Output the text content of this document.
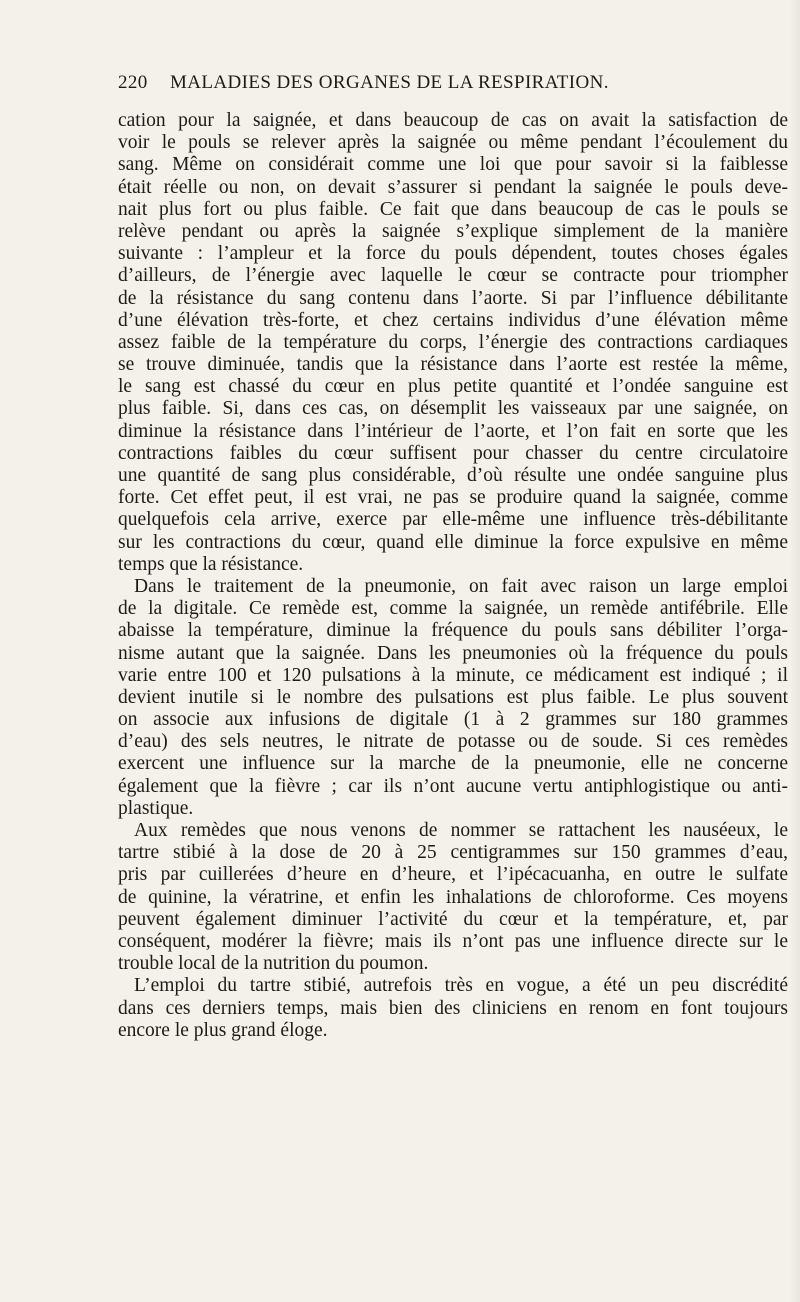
220 MALADIES DES ORGANES DE LA RESPIRATION.
cation pour la saignée, et dans beaucoup de cas on avait la satisfaction de
voir le pouls se relever après la saignée ou même pendant l’écoulement du
sang. Même on considérait comme une loi que pour savoir si la faiblesse
était réelle ou non, on devait s’assurer si pendant la saignée le pouls deve-
nait plus fort ou plus faible. Ce fait que dans beaucoup de cas le pouls se
relève pendant ou après la saignée s’explique simplement de la manière
suivante : l’ampleur et la force du pouls dépendent, toutes choses égales
d’ailleurs, de l’énergie avec laquelle le cœur se contracte pour triompher
de la résistance du sang contenu dans l’aorte. Si par l’influence débilitante
d’une élévation très-forte, et chez certains individus d’une élévation même
assez faible de la température du corps, l’énergie des contractions cardiaques
se trouve diminuée, tandis que la résistance dans l’aorte est restée la même,
le sang est chassé du cœur en plus petite quantité et l’ondée sanguine est
plus faible. Si, dans ces cas, on désemplit les vaisseaux par une saignée, on
diminue la résistance dans l’intérieur de l’aorte, et l’on fait en sorte que les
contractions faibles du cœur suffisent pour chasser du centre circulatoire
une quantité de sang plus considérable, d’où résulte une ondée sanguine plus
forte. Cet effet peut, il est vrai, ne pas se produire quand la saignée, comme
quelquefois cela arrive, exerce par elle-même une influence très-débilitante
sur les contractions du cœur, quand elle diminue la force expulsive en même
temps que la résistance.
Dans le traitement de la pneumonie, on fait avec raison un large emploi
de la digitale. Ce remède est, comme la saignée, un remède antifébrile. Elle
abaisse la température, diminue la fréquence du pouls sans débiliter l’orga-
nisme autant que la saignée. Dans les pneumonies où la fréquence du pouls
varie entre 100 et 120 pulsations à la minute, ce médicament est indiqué ; il
devient inutile si le nombre des pulsations est plus faible. Le plus souvent
on associe aux infusions de digitale (1 à 2 grammes sur 180 grammes
d’eau) des sels neutres, le nitrate de potasse ou de soude. Si ces remèdes
exercent une influence sur la marche de la pneumonie, elle ne concerne
également que la fièvre ; car ils n’ont aucune vertu antiphlogistique ou anti-
plastique.
Aux remèdes que nous venons de nommer se rattachent les nauséeux, le
tartre stibié à la dose de 20 à 25 centigrammes sur 150 grammes d’eau,
pris par cuillerées d’heure en d’heure, et l’ipécacuanha, en outre le sulfate
de quinine, la vératrine, et enfin les inhalations de chloroforme. Ces moyens
peuvent également diminuer l’activité du cœur et la température, et, par
conséquent, modérer la fièvre; mais ils n’ont pas une influence directe sur le
trouble local de la nutrition du poumon.
L’emploi du tartre stibié, autrefois très en vogue, a été un peu discrédité
dans ces derniers temps, mais bien des cliniciens en renom en font toujours
encore le plus grand éloge.
